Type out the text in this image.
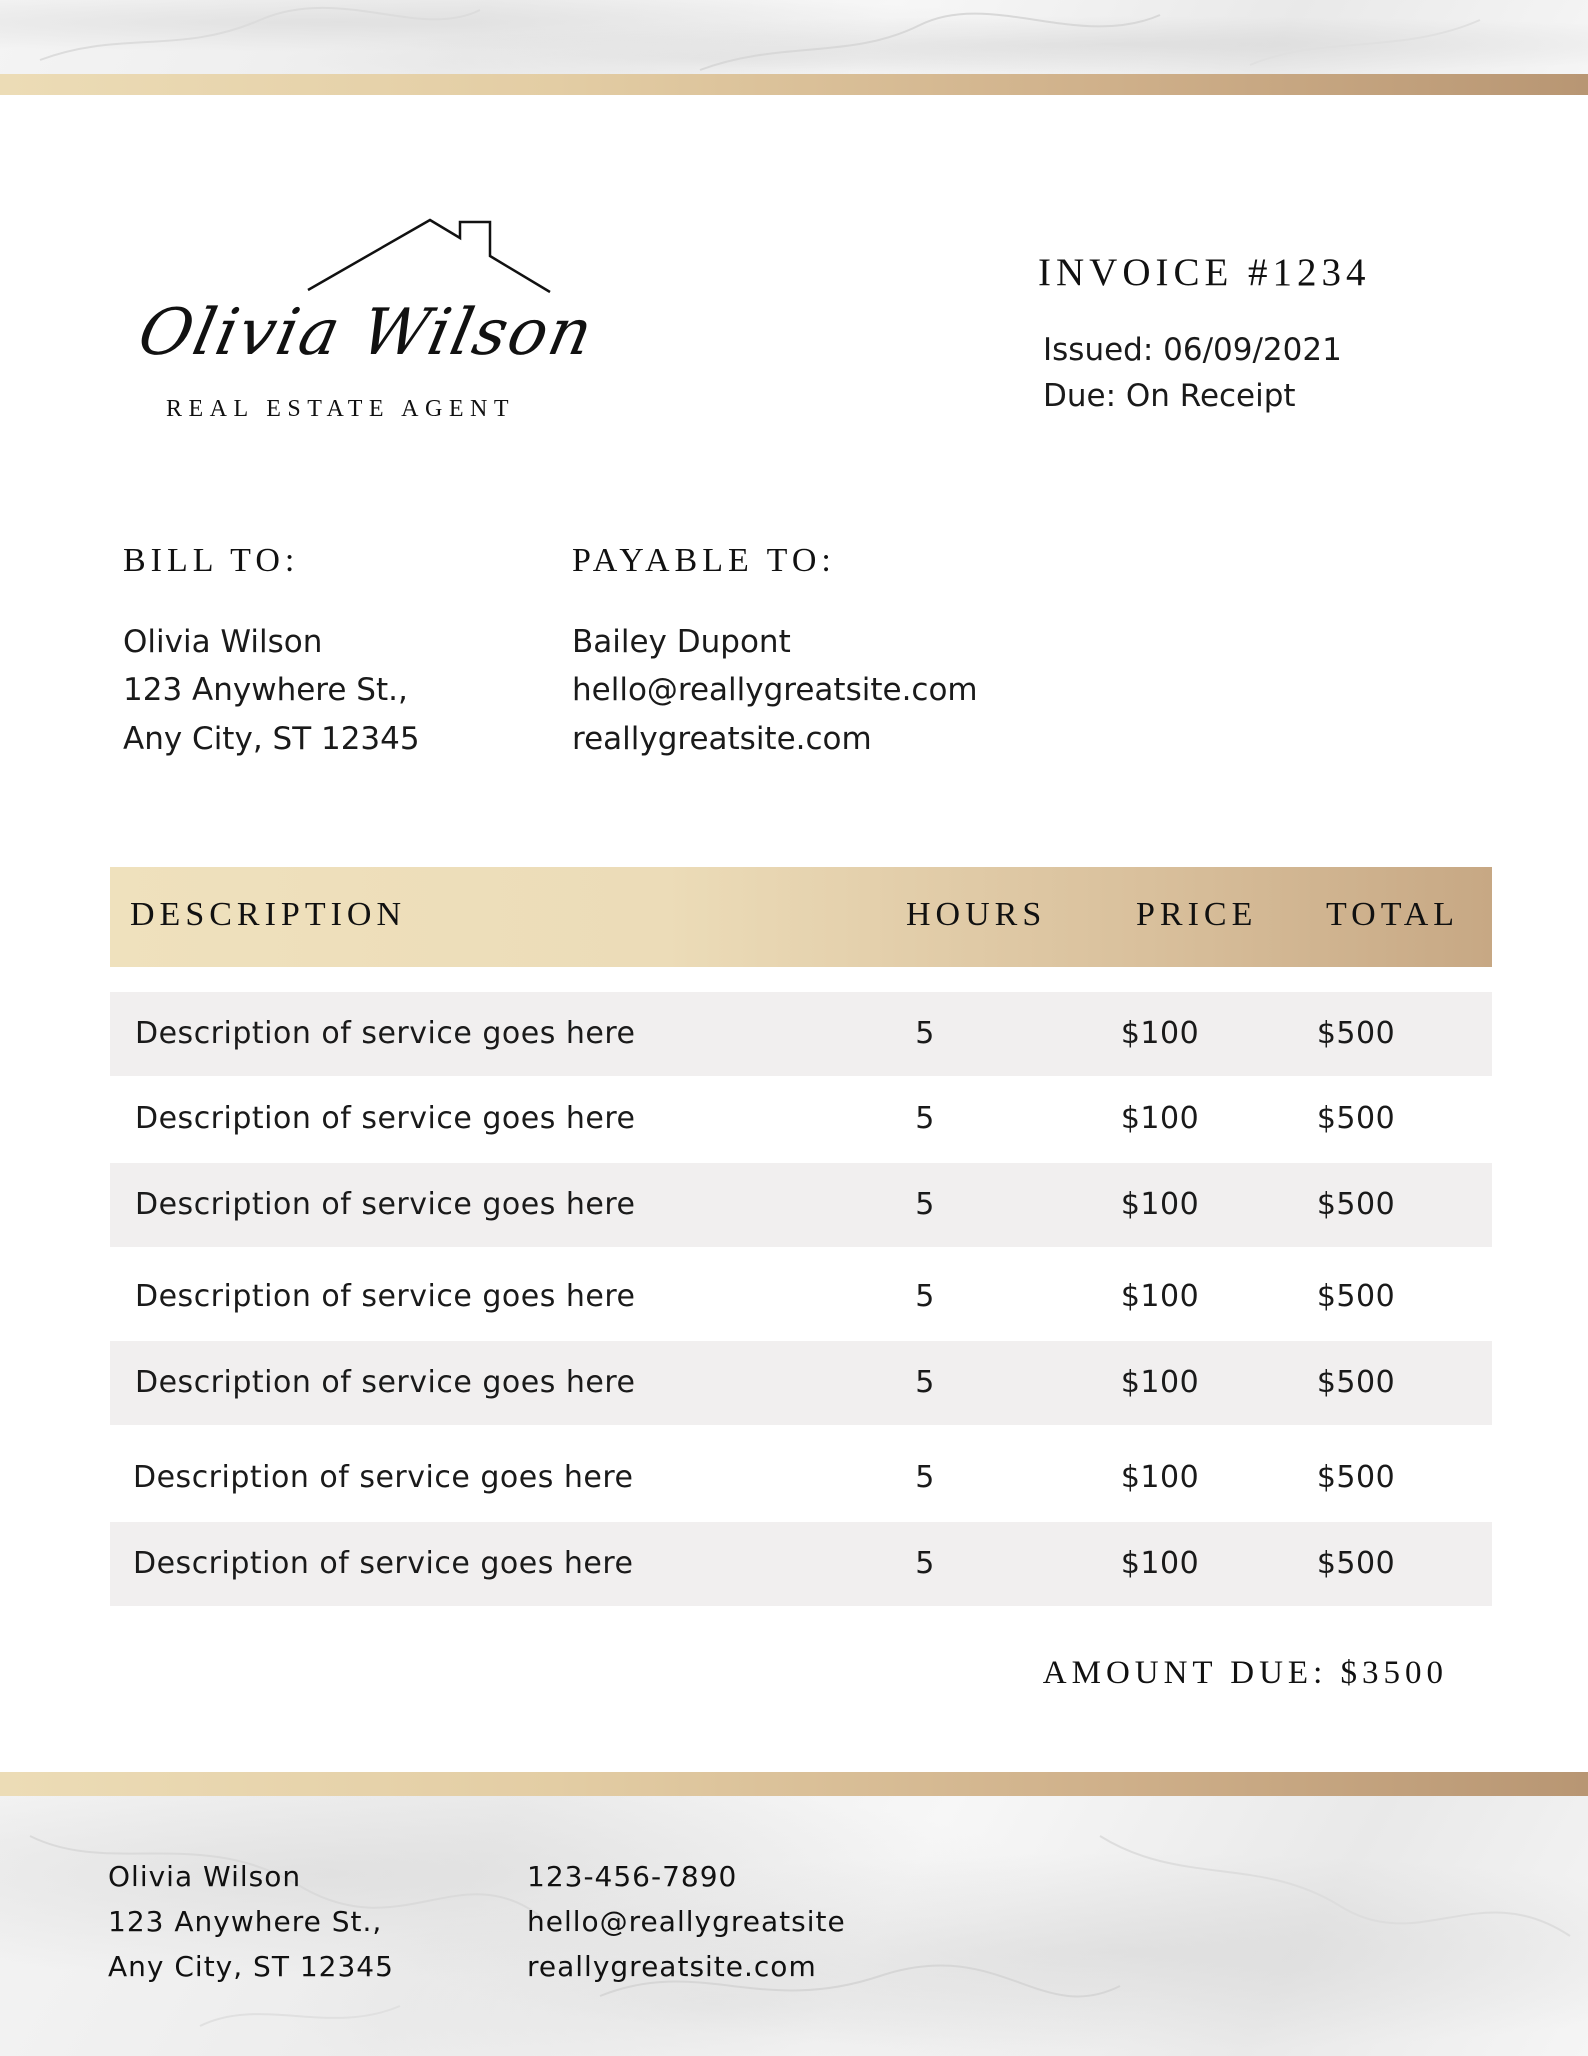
Olivia Wilson
REAL ESTATE AGENT
INVOICE #1234
Issued: 06/09/2021
Due: On Receipt
BILL TO:
Olivia Wilson
123 Anywhere St.,
Any City, ST 12345
PAYABLE TO:
Bailey Dupont
hello@reallygreatsite.com
reallygreatsite.com
DESCRIPTION	HOURS	PRICE TOTAL
Description of service goes here	5	$100	$500
Description of service goes here	5	$100	$500
Description of service goes here	5	$100	$500
Description of service goes here	5	$100	$500
Description of service goes here	5	$100	$500
Description of service goes here	5	$100	$500
Description of service goes here	5	$100	$500
AMOUNT DUE: $3500
Olivia Wilson
123 Anywhere St.,
Any City, ST 12345
123-456-7890
hello@reallygreatsite
reallygreatsite.com
